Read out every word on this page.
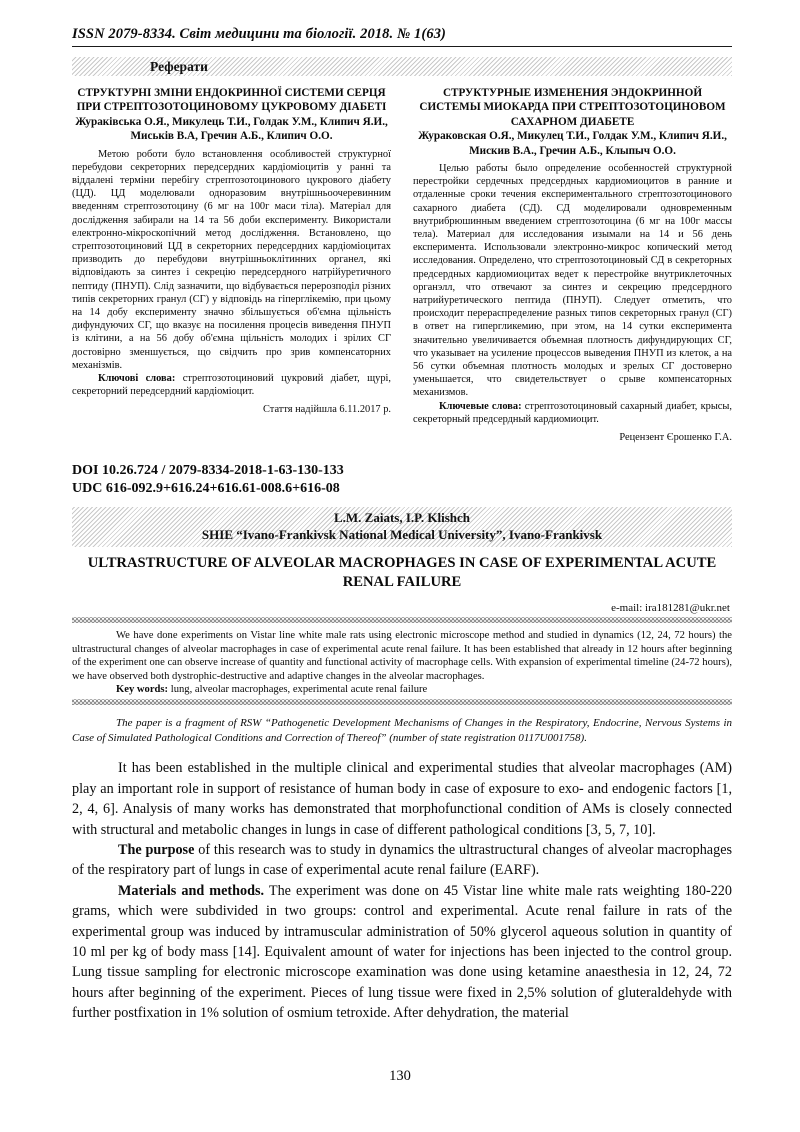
ISSN 2079-8334. Світ медицини та біології. 2018. № 1(63)
Реферати
СТРУКТУРНІ ЗМІНИ ЕНДОКРИННОЇ СИСТЕМИ СЕРЦЯ ПРИ СТРЕПТОЗОТОЦИНОВОМУ ЦУКРОВОМУ ДІАБЕТІ
Жураківська О.Я., Микулець Т.И., Голдак У.М., Клипич Я.И., Миськів В.А, Гречин А.Б., Клипич О.О.

Метою роботи було встановлення особливостей структурної перебудови секреторних передсердних кардіоміоцитів у ранні та віддалені терміни перебігу стрептозотоцинового цукрового діабету (ЦД). ЦД моделювали одноразовим внутрішньоочеревинним введенням стрептозотоцину (6 мг на 100г маси тіла). Матеріал для дослідження забирали на 14 та 56 доби експерименту. Використали електронно-мікроскопічний метод дослідження. Встановлено, що стрептозотоциновий ЦД в секреторних передсердних кардіоміоцитах призводить до перебудови внутрішньоклітинних органел, які відповідають за синтез і секрецію передсердного натрійуретичного пептиду (ПНУП). Слід зазначити, що відбувається перерозподіл різних типів секреторних гранул (СГ) у відповідь на гіперглікемію, при цьому на 14 добу експерименту значно збільшується об'ємна щільність дифундуючих СГ, що вказує на посилення процесів виведення ПНУП із клітини, а на 56 добу об'ємна щільність молодих і зрілих СГ достовірно зменшується, що свідчить про зрив компенсаторних механізмів.

Ключові слова: стрептозотоциновий цукровий діабет, щурі, секреторний передсердний кардіоміоцит.
Стаття надійшла 6.11.2017 р.
СТРУКТУРНЫЕ ИЗМЕНЕНИЯ ЭНДОКРИННОЙ СИСТЕМЫ МИОКАРДА ПРИ СТРЕПТОЗОТОЦИНОВОМ САХАРНОМ ДИАБЕТЕ
Жураковская О.Я., Микулец Т.И., Голдак У.М., Клипич Я.И., Мискив В.А., Гречин А.Б., Клыпыч О.О.

Целью работы было определение особенностей структурной перестройки сердечных предсердных кардиомиоцитов в ранние и отдаленные сроки течения експериментального стрептозотоцинового сахарного диабета (СД). СД моделировали одновременным внутрибрюшинным введением стрептозотоцина (6 мг на 100г массы тела). Материал для исследования изымали на 14 и 56 день експеримента. Использовали электронно-микрос копический метод исследования. Определено, что стрептозотоциновый СД в секреторных предсердных кардиомиоцитах ведет к перестройке внутриклеточных органэлл, что отвечают за синтез и секрецию предсердного натрийуретического пептида (ПНУП). Следует отметить, что происходит перераспределение разных типов секреторных гранул (СГ) в ответ на гипергликемию, при этом, на 14 сутки експеримента значительно увеличивается объемная плотность дифундирующих СГ, что указывает на усиление процессов выведения ПНУП из клеток, а на 56 сутки объемная плотность молодых и зрелых СГ достоверно уменьшается, что свидетельствует о срыве компенсаторных механизмов.

Ключевые слова: стрептозотоциновый сахарный диабет, крысы, секреторный предсердный кардиомиоцит.
Рецензент Єрошенко Г.А.
DOI 10.26.724 / 2079-8334-2018-1-63-130-133
UDC 616-092.9+616.24+616.61-008.6+616-08
L.M. Zaiats, I.P. Klishch
SHIE “Ivano-Frankivsk National Medical University”, Ivano-Frankivsk
ULTRASTRUCTURE OF ALVEOLAR MACROPHAGES IN CASE OF EXPERIMENTAL ACUTE RENAL FAILURE
e-mail: ira181281@ukr.net

We have done experiments on Vistar line white male rats using electronic microscope method and studied in dynamics (12, 24, 72 hours) the ultrastructural changes of alveolar macrophages in case of experimental acute renal failure. It has been established that already in 12 hours after beginning of the experiment one can observe increase of quantity and functional activity of macrophage cells. With expansion of experimental timeline (24-72 hours), we have observed both dystrophic-destructive and adaptive changes in the alveolar macrophages.

Key words: lung, alveolar macrophages, experimental acute renal failure
The paper is a fragment of RSW “Pathogenetic Development Mechanisms of Changes in the Respiratory, Endocrine, Nervous Systems in Case of Simulated Pathological Conditions and Correction of Thereof” (number of state registration 0117U001758).

It has been established in the multiple clinical and experimental studies that alveolar macrophages (AM) play an important role in support of resistance of human body in case of exposure to exo- and endogenic factors [1, 2, 4, 6]. Analysis of many works has demonstrated that morphofunctional condition of AMs is closely connected with structural and metabolic changes in lungs in case of different pathological conditions [3, 5, 7, 10].

The purpose of this research was to study in dynamics the ultrastructural changes of alveolar macrophages of the respiratory part of lungs in case of experimental acute renal failure (EARF).

Materials and methods. The experiment was done on 45 Vistar line white male rats weighting 180-220 grams, which were subdivided in two groups: control and experimental. Acute renal failure in rats of the experimental group was induced by intramuscular administration of 50% glycerol aqueous solution in quantity of 10 ml per kg of body mass [14]. Equivalent amount of water for injections has been injected to the control group. Lung tissue sampling for electronic microscope examination was done using ketamine anaesthesia in 12, 24, 72 hours after beginning of the experiment. Pieces of lung tissue were fixed in 2,5% solution of gluteraldehyde with further postfixation in 1% solution of osmium tetroxide. After dehydration, the material

130
